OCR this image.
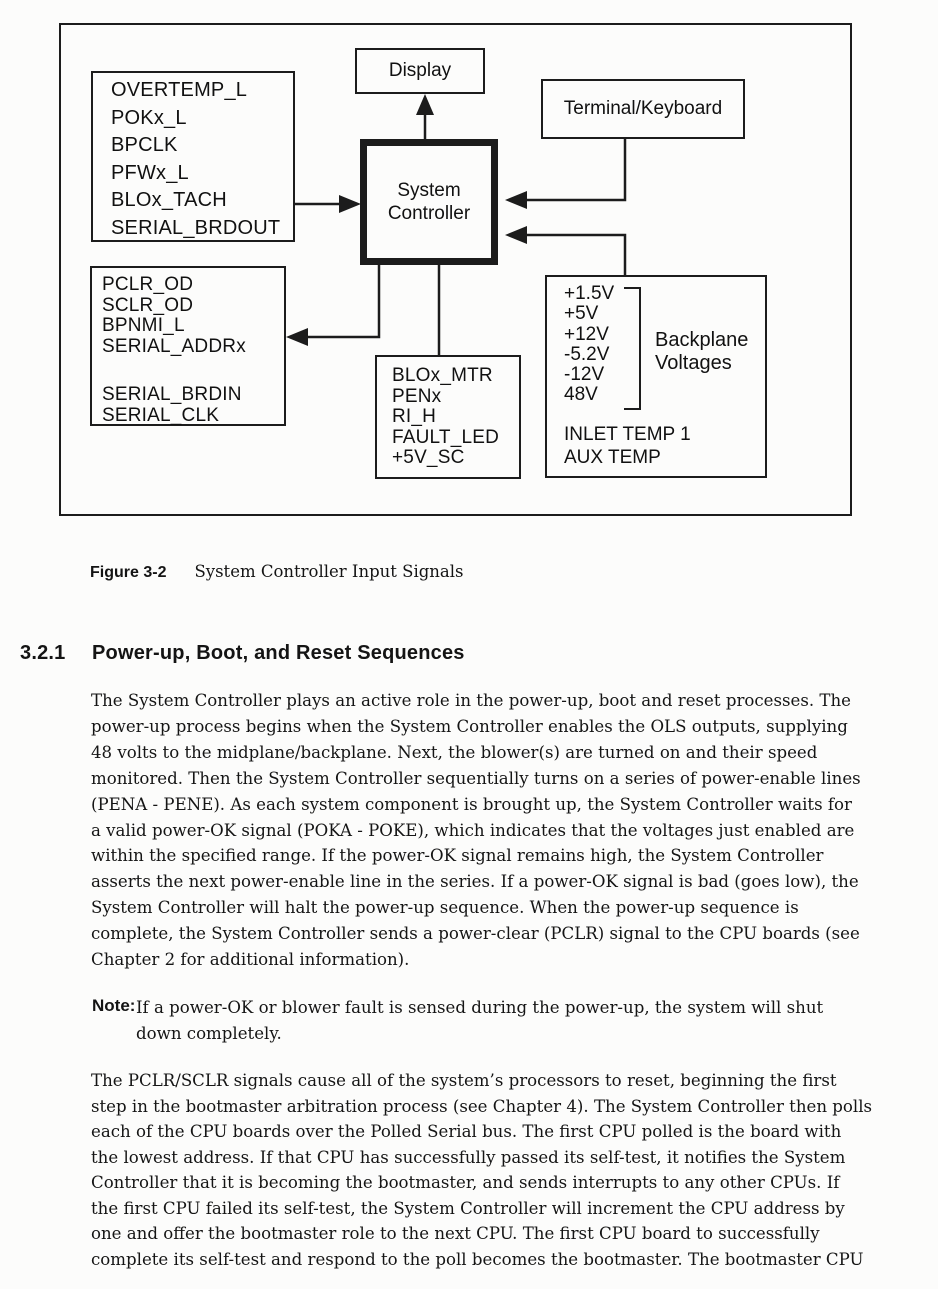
Display
Terminal/Keyboard
System
Controller
OVERTEMP_L
POKx_L
BPCLK
PFWx_L
BLOx_TACH
SERIAL_BRDOUT
PCLR_OD
SCLR_OD
BPNMI_L
SERIAL_ADDRx
SERIAL_BRDIN
SERIAL_CLK
BLOx_MTR
PENx
RI_H
FAULT_LED
+5V_SC
+1.5V
+5V
+12V
-5.2V
-12V
48V
Backplane
Voltages
INLET TEMP 1
AUX TEMP
Figure 3-2 System Controller Input Signals
3.2.1 Power-up, Boot, and Reset Sequences
The System Controller plays an active role in the power-up, boot and reset processes. The
power-up process begins when the System Controller enables the OLS outputs, supplying
48 volts to the midplane/backplane. Next, the blower(s) are turned on and their speed
monitored. Then the System Controller sequentially turns on a series of power-enable lines
(PENA - PENE). As each system component is brought up, the System Controller waits for
a valid power-OK signal (POKA - POKE), which indicates that the voltages just enabled are
within the specified range. If the power-OK signal remains high, the System Controller
asserts the next power-enable line in the series. If a power-OK signal is bad (goes low), the
System Controller will halt the power-up sequence. When the power-up sequence is
complete, the System Controller sends a power-clear (PCLR) signal to the CPU boards (see
Chapter 2 for additional information).
Note: If a power-OK or blower fault is sensed during the power-up, the system will shut
down completely.
The PCLR/SCLR signals cause all of the system’s processors to reset, beginning the first
step in the bootmaster arbitration process (see Chapter 4). The System Controller then polls
each of the CPU boards over the Polled Serial bus. The first CPU polled is the board with
the lowest address. If that CPU has successfully passed its self-test, it notifies the System
Controller that it is becoming the bootmaster, and sends interrupts to any other CPUs. If
the first CPU failed its self-test, the System Controller will increment the CPU address by
one and offer the bootmaster role to the next CPU. The first CPU board to successfully
complete its self-test and respond to the poll becomes the bootmaster. The bootmaster CPU
